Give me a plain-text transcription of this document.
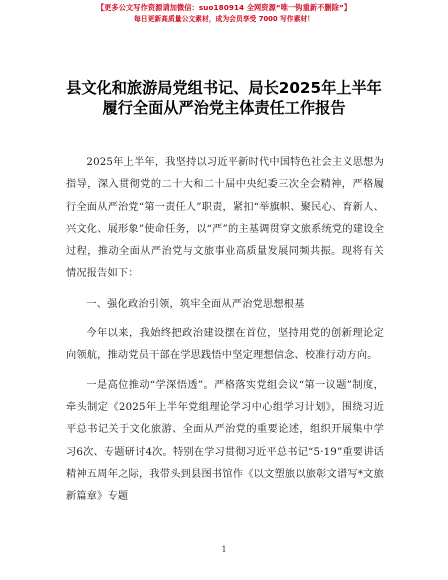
【更多公文写作资源请加微信：suo180914 全网资源“唯一钩重新不删除”】
每日更新高质量公文素材，成为会员享受 7000 写作素材！
县文化和旅游局党组书记、局长2025年上半年
履行全面从严治党主体责任工作报告

2025年上半年，我坚持以习近平新时代中国特色社会主义思想为指导，深入贯彻党的二十大和二十届中央纪委三次全会精神，严格履行全面从严治党“第一责任人”职责，紧扣“举旗帜、聚民心、育新人、兴文化、展形象”使命任务，以“严”的主基调贯穿文旅系统党的建设全过程，推动全面从严治党与文旅事业高质量发展同频共振。现将有关情况报告如下：

一、强化政治引领，筑牢全面从严治党思想根基

今年以来，我始终把政治建设摆在首位，坚持用党的创新理论定向领航，推动党员干部在学思践悟中坚定理想信念、校准行动方向。

一是高位推动“学深悟透”。严格落实党组会议“第一议题”制度，牵头制定《2025年上半年党组理论学习中心组学习计划》，围绕习近平总书记关于文化旅游、全面从严治党的重要论述，组织开展集中学习6次、专题研讨4次。特别在学习贯彻习近平总书记“5·19”重要讲话精神五周年之际，我带头到县图书馆作《以文塑旅以旅彰文谱写*文旅新篇章》专题

1
